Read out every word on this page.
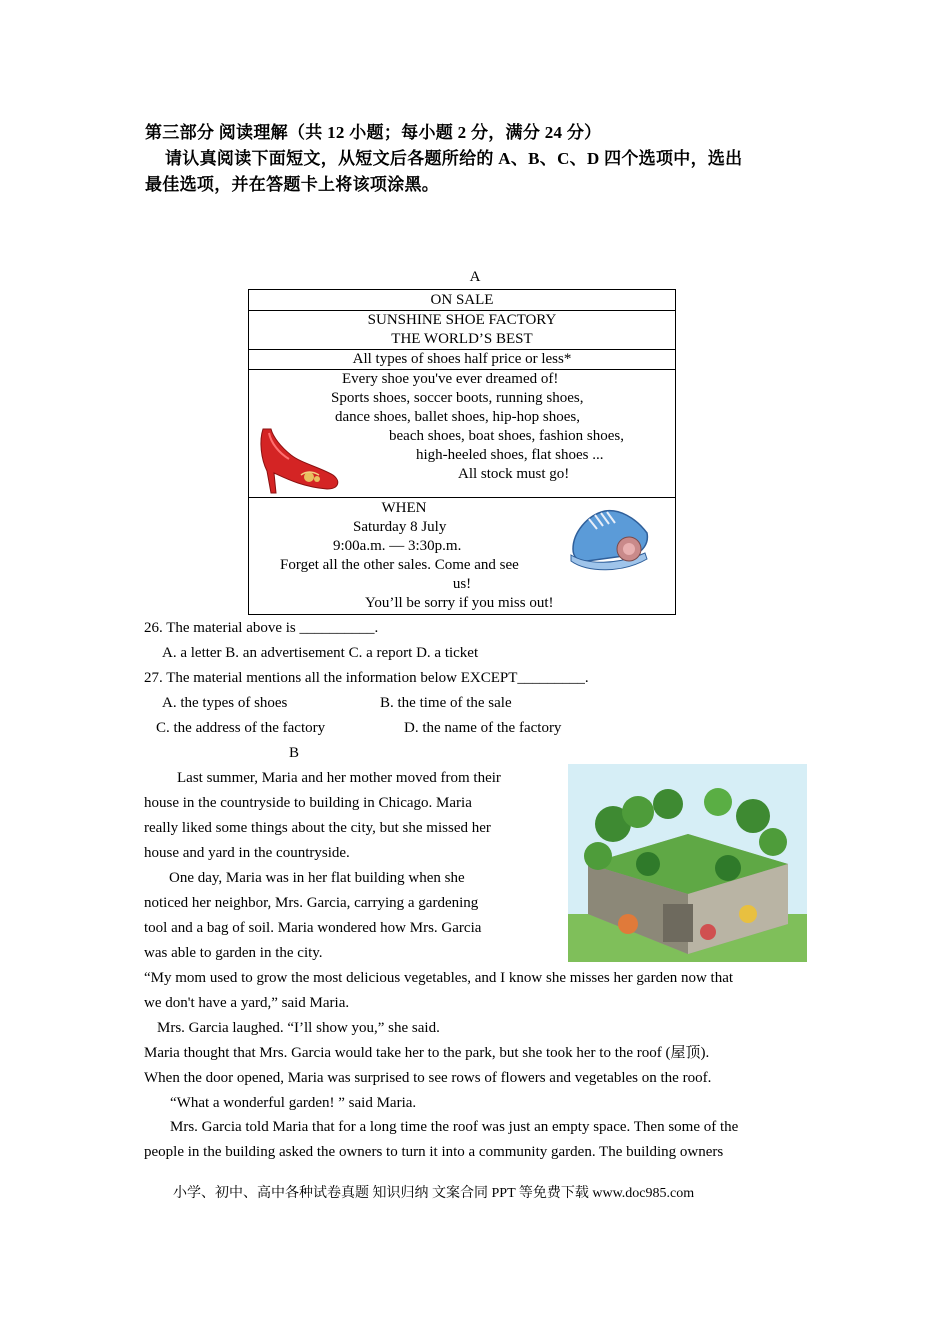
第三部分 阅读理解（共 12 小题；每小题 2 分，满分 24 分）
请认真阅读下面短文，从短文后各题所给的 A、B、C、D 四个选项中，选出
最佳选项，并在答题卡上将该项涂黑。
A
ON SALE
SUNSHINE SHOE FACTORY
THE WORLD’S BEST
All types of shoes half price or less*
Every shoe you've ever dreamed of!
Sports shoes, soccer boots, running shoes,
dance shoes, ballet shoes, hip-hop shoes,
beach shoes, boat shoes, fashion shoes,
high-heeled shoes, flat shoes ...
All stock must go!
WHEN
Saturday 8 July
9:00a.m. — 3:30p.m.
Forget all the other sales. Come and see
us!
You’ll be sorry if you miss out!
26. The material above is __________.
A. a letter B. an advertisement C. a report D. a ticket
27. The material mentions all the information below EXCEPT_________.
A. the types of shoes	B. the time of the sale
C. the address of the factory	D. the name of the factory
B
Last summer, Maria and her mother moved from their
house in the countryside to building in Chicago. Maria
really liked some things about the city, but she missed her
house and yard in the countryside.
One day, Maria was in her flat building when she
noticed her neighbor, Mrs. Garcia, carrying a gardening
tool and a bag of soil. Maria wondered how Mrs. Garcia
was able to garden in the city.
“My mom used to grow the most delicious vegetables, and I know she misses her garden now that
we don't have a yard,” said Maria.
Mrs. Garcia laughed. “I’ll show you,” she said.
Maria thought that Mrs. Garcia would take her to the park, but she took her to the roof (屋顶).
When the door opened, Maria was surprised to see rows of flowers and vegetables on the roof.
“What a wonderful garden! ” said Maria.
Mrs. Garcia told Maria that for a long time the roof was just an empty space. Then some of the
people in the building asked the owners to turn it into a community garden. The building owners
小学、初中、高中各种试卷真题 知识归纳 文案合同 PPT 等免费下载 www.doc985.com
